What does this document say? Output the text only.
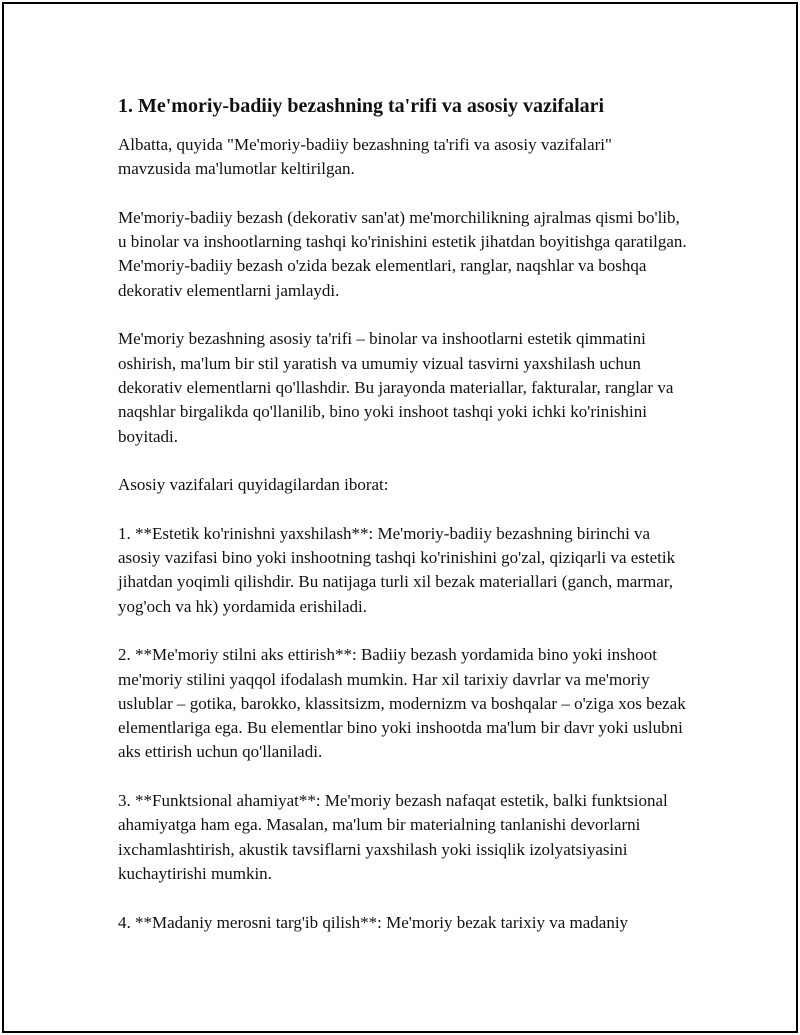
1. Me'moriy-badiiy bezashning ta'rifi va asosiy vazifalari

Albatta, quyida "Me'moriy-badiiy bezashning ta'rifi va asosiy vazifalari" mavzusida ma'lumotlar keltirilgan.

Me'moriy-badiiy bezash (dekorativ san'at) me'morchilikning ajralmas qismi bo'lib, u binolar va inshootlarning tashqi ko'rinishini estetik jihatdan boyitishga qaratilgan. Me'moriy-badiiy bezash o'zida bezak elementlari, ranglar, naqshlar va boshqa dekorativ elementlarni jamlaydi.

Me'moriy bezashning asosiy ta'rifi – binolar va inshootlarni estetik qimmatini oshirish, ma'lum bir stil yaratish va umumiy vizual tasvirni yaxshilash uchun dekorativ elementlarni qo'llashdir. Bu jarayonda materiallar, fakturalar, ranglar va naqshlar birgalikda qo'llanilib, bino yoki inshoot tashqi yoki ichki ko'rinishini boyitadi.

Asosiy vazifalari quyidagilardan iborat:

1. **Estetik ko'rinishni yaxshilash**: Me'moriy-badiiy bezashning birinchi va asosiy vazifasi bino yoki inshootning tashqi ko'rinishini go'zal, qiziqarli va estetik jihatdan yoqimli qilishdir. Bu natijaga turli xil bezak materiallari (ganch, marmar, yog'och va hk) yordamida erishiladi.

2. **Me'moriy stilni aks ettirish**: Badiiy bezash yordamida bino yoki inshoot me'moriy stilini yaqqol ifodalash mumkin. Har xil tarixiy davrlar va me'moriy uslublar – gotika, barokko, klassitsizm, modernizm va boshqalar – o'ziga xos bezak elementlariga ega. Bu elementlar bino yoki inshootda ma'lum bir davr yoki uslubni aks ettirish uchun qo'llaniladi.

3. **Funktsional ahamiyat**: Me'moriy bezash nafaqat estetik, balki funktsional ahamiyatga ham ega. Masalan, ma'lum bir materialning tanlanishi devorlarni ixchamlashtirish, akustik tavsiflarni yaxshilash yoki issiqlik izolyatsiyasini kuchaytirishi mumkin.

4. **Madaniy merosni targ'ib qilish**: Me'moriy bezak tarixiy va madaniy
